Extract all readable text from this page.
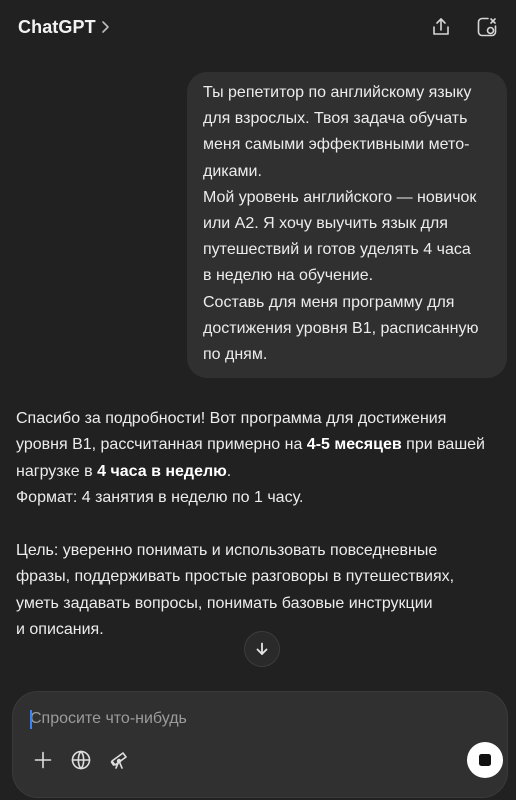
ChatGPT

Ты репетитор по английскому языку

для взрослых. Твоя задача обучать

меня самыми эффективными мето-

диками.

Мой уровень английского — новичок

или A2. Я хочу выучить язык для

путешествий и готов уделять 4 часа

в неделю на обучение.

Составь для меня программу для

достижения уровня B1, расписанную

по дням.

Спасибо за подробности! Вот программа для достижения

уровня B1, рассчитанная примерно на 4-5 месяцев при вашей

нагрузке в 4 часа в неделю.

Формат: 4 занятия в неделю по 1 часу.

Цель: уверенно понимать и использовать повседневные

фразы, поддерживать простые разговоры в путешествиях,

уметь задавать вопросы, понимать базовые инструкции

и описания.

Спросите что-нибудь
